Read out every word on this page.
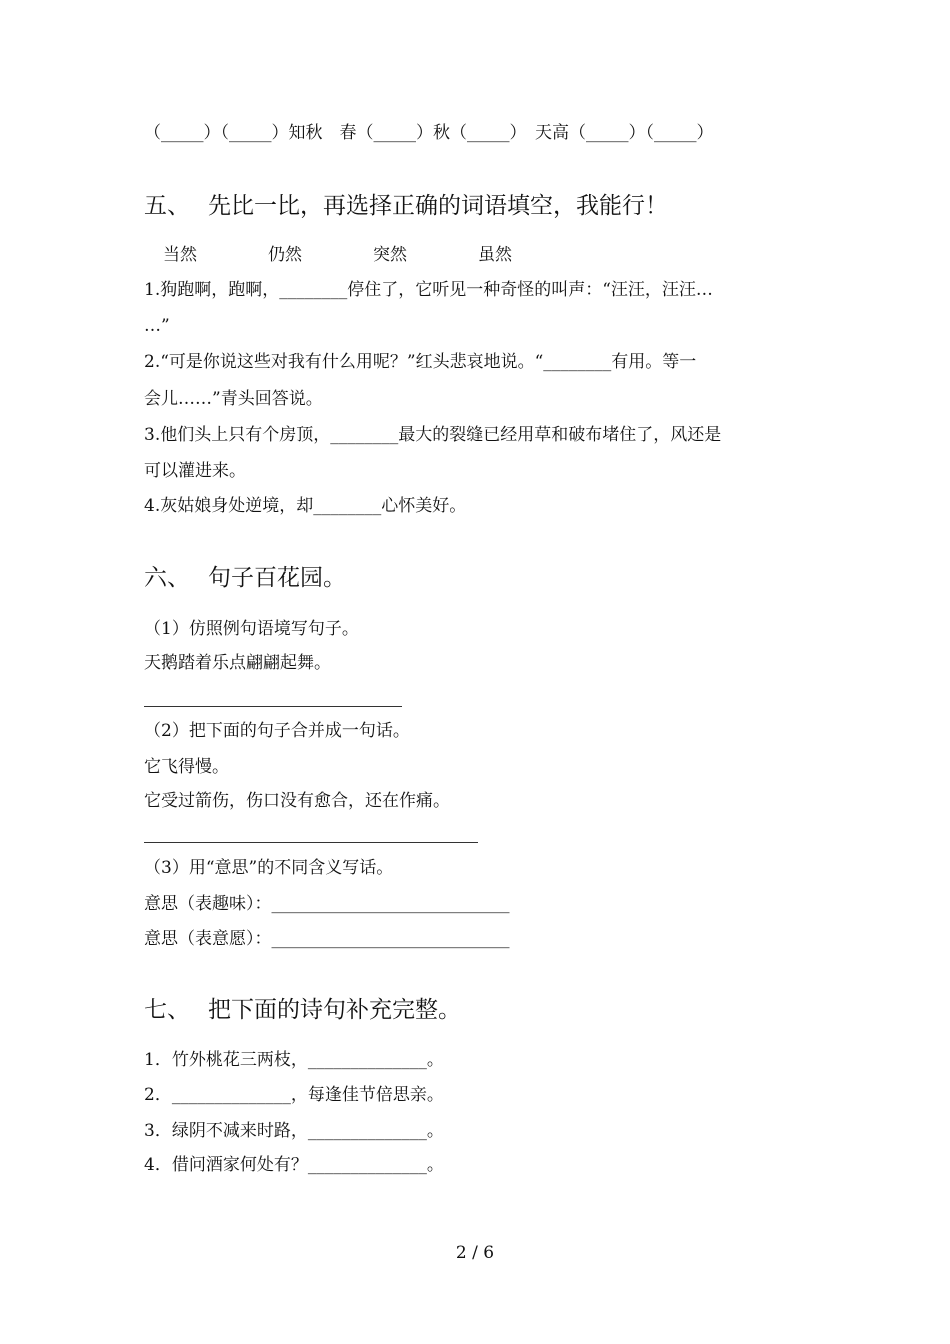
（_____）（_____）知秋　春（_____）秋（_____）　天高（_____）（_____）
五、 先比一比，再选择正确的词语填空，我能行！
当然	仍然	突然	虽然
1.狗跑啊，跑啊，________停住了，它听见一种奇怪的叫声：“汪汪，汪汪…
…”
2.“可是你说这些对我有什么用呢？”红头悲哀地说。“________有用。等一
会儿……”青头回答说。
3.他们头上只有个房顶，________最大的裂缝已经用草和破布堵住了，风还是
可以灌进来。
4.灰姑娘身处逆境，却________心怀美好。
六、 句子百花园。
（1）仿照例句语境写句子。
天鹅踏着乐点翩翩起舞。
（2）把下面的句子合并成一句话。
它飞得慢。
它受过箭伤，伤口没有愈合，还在作痛。
（3）用“意思”的不同含义写话。
意思（表趣味）：____________________________
意思（表意愿）：____________________________
七、 把下面的诗句补充完整。
1．竹外桃花三两枝，______________。
2．______________，每逢佳节倍思亲。
3．绿阴不减来时路，______________。
4．借问酒家何处有？______________。
2 / 6
